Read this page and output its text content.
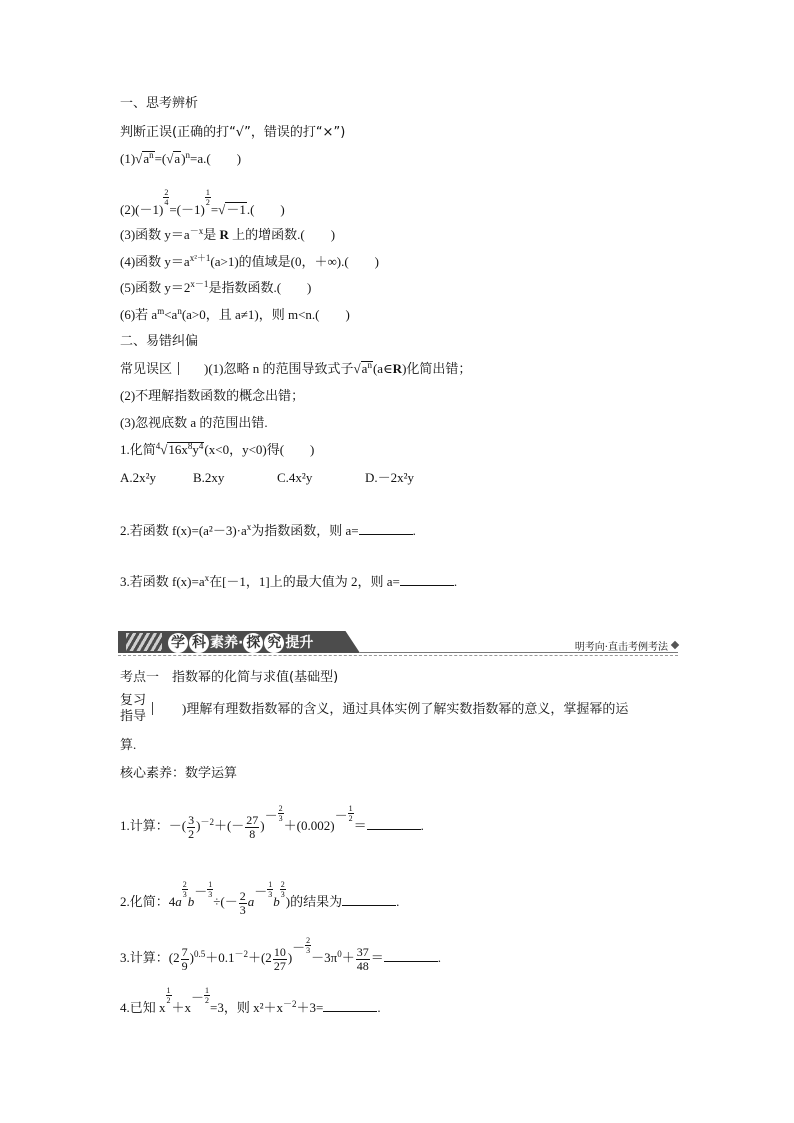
一、思考辨析
判断正误(正确的打“√”，错误的打“×”)
$(1)√a^n=(√a)^n=a$.(　　)
(2)(－1)
$\frac{2}{4}$
=(－1)
$\frac{1}{2}$
=√－1.(　　)
(3)函数 $y=a^{-x}$是 R 上的增函数.(　　)
(4)函数 $y=a^{x^2+1}(a>1)$的值域是(0，＋∞).(　　)
(5)函数 $y=2^{x-1}$是指数函数.(　　)
(6)若 $a^m<a^n(a>0$，且 a≠1)，则 m<n.(　　)
二、易错纠偏
常见误区 )(1)忽略 n 的范围导致式子$√a^n(a\in R)$化简出错；
(2)不理解指数函数的概念出错；
(3)忽视底数 a 的范围出错.
1.化简$^4√16x^8y^4(x<0$，y<0)得(　　)
A.2x²y	B.2xy	C.4x²y	D.－2x²y
2.若函数 $f(x)=(a^2-3)\cdot a^x$为指数函数，则 a=	.
3.若函数 $f(x)=a^x$在[－1，1]上的最大值为 2，则 a=	.
学 科 素养· 探 究 提升	明考向·直击考例考法
考点一　指数幂的化简与求值(基础型)
复习
指导	)理解有理数指数幂的含义，通过具体实例了解实数指数幂的意义，掌握幂的运
算.
核心素养：数学运算
1.计算：－( $\frac{3}{2} )^{-2}+(- \frac{27}{8}$ )－ $\frac{2}{3}$
$+(0.002)- \frac{1}{2}$
＝	.
2.化简：4a
$\frac{2}{3}$
$b- \frac{1}{3}$
÷(－ $\frac{2}{3} a- \frac{1}{3}$
b
$\frac{2}{3}$
)的结果为	.
3.计算：$(2 \frac{7}{9} )^{0.5}+0.1^{-2}+(2 \frac{10}{27}$ )－ $\frac{2}{3}$
$-3\pi^0+ \frac{37}{48}$ ＝	.
4.已知 x
$\frac{1}{2}$
$+x- \frac{1}{2}$
=3，则 $x^2+x^{-2}+3=$	.
